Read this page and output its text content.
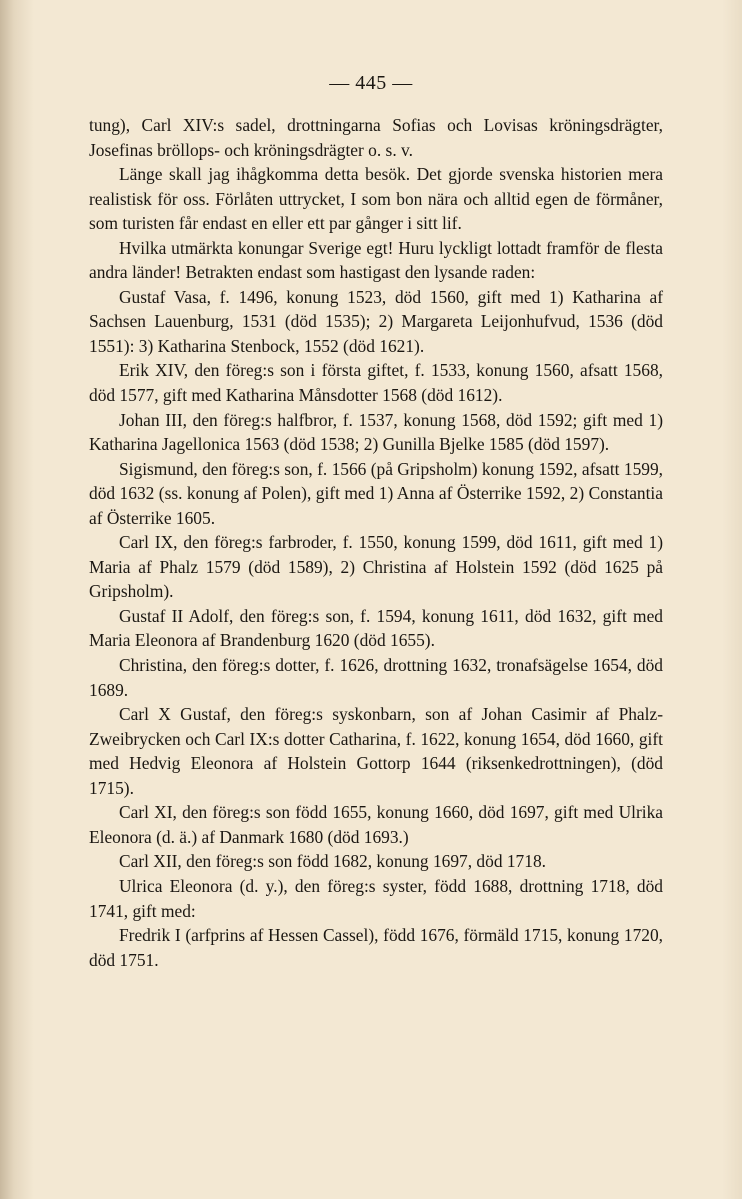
— 445 —

tung), Carl XIV:s sadel, drottningarna Sofias och Lovisas kröningsdrägter, Josefinas bröllops- och kröningsdrägter o. s. v.

Länge skall jag ihågkomma detta besök. Det gjorde svenska historien mera realistisk för oss. Förlåten uttrycket, I som bon nära och alltid egen de förmåner, som turisten får endast en eller ett par gånger i sitt lif.

Hvilka utmärkta konungar Sverige egt! Huru lyckligt lottadt framför de flesta andra länder! Betrakten endast som hastigast den lysande raden:

Gustaf Vasa, f. 1496, konung 1523, död 1560, gift med 1) Katharina af Sachsen Lauenburg, 1531 (död 1535); 2) Margareta Leijonhufvud, 1536 (död 1551): 3) Katharina Stenbock, 1552 (död 1621).

Erik XIV, den föreg:s son i första giftet, f. 1533, konung 1560, afsatt 1568, död 1577, gift med Katharina Månsdotter 1568 (död 1612).

Johan III, den föreg:s halfbror, f. 1537, konung 1568, död 1592; gift med 1) Katharina Jagellonica 1563 (död 1538; 2) Gunilla Bjelke 1585 (död 1597).

Sigismund, den föreg:s son, f. 1566 (på Gripsholm) konung 1592, afsatt 1599, död 1632 (ss. konung af Polen), gift med 1) Anna af Österrike 1592, 2) Constantia af Österrike 1605.

Carl IX, den föreg:s farbroder, f. 1550, konung 1599, död 1611, gift med 1) Maria af Phalz 1579 (död 1589), 2) Christina af Holstein 1592 (död 1625 på Gripsholm).

Gustaf II Adolf, den föreg:s son, f. 1594, konung 1611, död 1632, gift med Maria Eleonora af Brandenburg 1620 (död 1655).

Christina, den föreg:s dotter, f. 1626, drottning 1632, tronafsägelse 1654, död 1689.

Carl X Gustaf, den föreg:s syskonbarn, son af Johan Casimir af Phalz-Zweibrycken och Carl IX:s dotter Catharina, f. 1622, konung 1654, död 1660, gift med Hedvig Eleonora af Holstein Gottorp 1644 (riksenkedrottningen), (död 1715).

Carl XI, den föreg:s son född 1655, konung 1660, död 1697, gift med Ulrika Eleonora (d. ä.) af Danmark 1680 (död 1693.)

Carl XII, den föreg:s son född 1682, konung 1697, död 1718.

Ulrica Eleonora (d. y.), den föreg:s syster, född 1688, drottning 1718, död 1741, gift med:

Fredrik I (arfprins af Hessen Cassel), född 1676, förmäld 1715, konung 1720, död 1751.
